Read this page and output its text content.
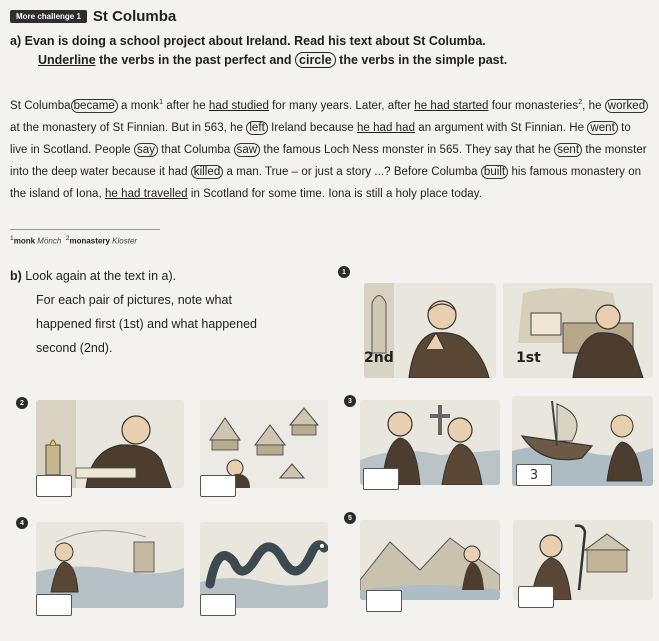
More challenge 1 St Columba
a) Evan is doing a school project about Ireland. Read his text about St Columba.
Underline the verbs in the past perfect and circle the verbs in the simple past.
St Columba became a monk$^1$ after he had studied for many years. Later, after he had started four monasteries$^2$, he worked at the monastery of St Finnian. But in 563, he left Ireland because he had had an argument with St Finnian. He went to live in Scotland. People say that Columba saw the famous Loch Ness monster in 565. They say that he sent the monster into the deep water because it had killed a man. True – or just a story ...? Before Columba built his famous monastery on the island of Iona, he had travelled in Scotland for some time. Iona is still a holy place today.
$^1$monk Mönch $^2$monastery Kloster
b) Look again at the text in a).
For each pair of pictures, note what
happened first (1st) and what happened
second (2nd).
1
2nd	1st
2	3
3
4
5
